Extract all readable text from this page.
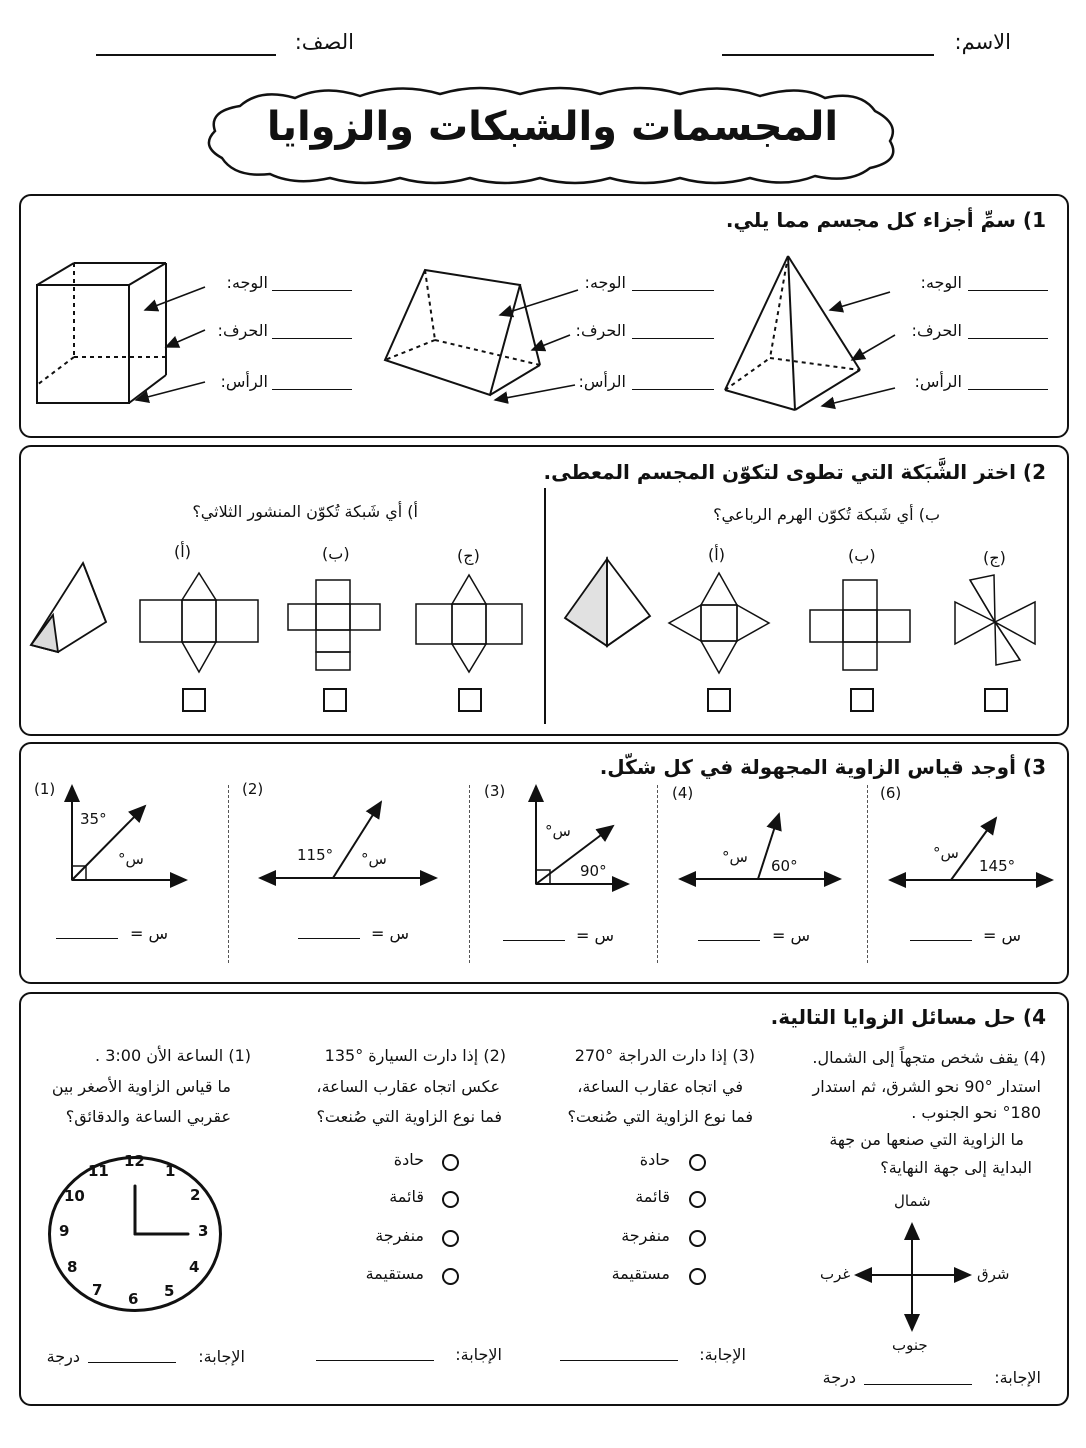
الاسم:
الصف:
المجسمات والشبكات والزوايا
1) سمِّ أجزاء كل مجسم مما يلي.
الوجه:
الحرف:
الرأس:
الوجه:
الحرف:
الرأس:
الوجه:
الحرف:
الرأس:
2) اختر الشَّبَكة التي تطوى لتكوّن المجسم المعطى.
أ) أي شَبكة تُكوّن المنشور الثلاثي؟	ب) أي شَبكة تُكوّن الهرم الرباعي؟
(أ)	(ب)	(ج)	(أ)	(ب)	(ج)
3) أوجد قياس الزاوية المجهولة في كل شكّل.
(1)	(2)	(3)	(4)	(6)
35°
س°	115° س°
س°
90°
س° 60°
س°
145°
س =	س =	س =	س =	س =
4) حل مسائل الزوايا التالية.
(1) الساعة الأن 3:00 .
ما قياس الزاوية الأصغر بين
عقربي الساعة والدقائق؟
12
1
2
3
4
5
6
7
8
9
10
11
الإجابة:
درجة
(2) إذا دارت السيارة °135
عكس اتجاه عقارب الساعة،
فما نوع الزاوية التي صُنعت؟
حادة
قائمة
منفرجة
مستقيمة
الإجابة:
(3) إذا دارت الدراجة °270
في اتجاه عقارب الساعة،
فما نوع الزاوية التي صُنعت؟
حادة
قائمة
منفرجة
مستقيمة
الإجابة:
(4) يقف شخص متجهاً إلى الشمال.
استدار °90 نحو الشرق، ثم استدار
°180 نحو الجنوب .
ما الزاوية التي صنعها من جهة
البداية إلى جهة النهاية؟
شمال
جنوب
شرق
غرب
الإجابة:
درجة
